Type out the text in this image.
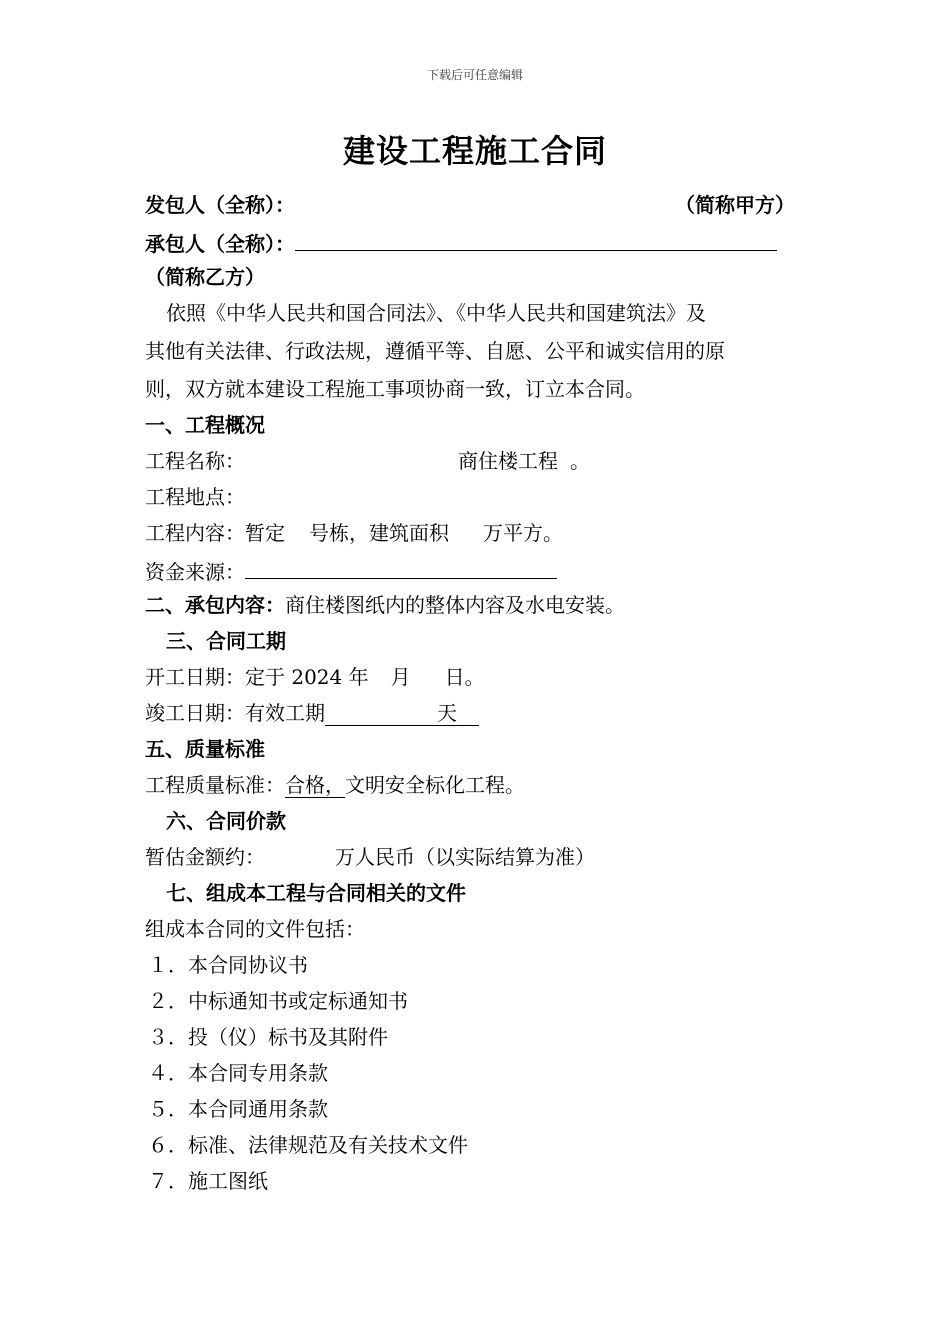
下载后可任意编辑
建设工程施工合同
发包人（全称）：	（简称甲方）
承包人（全称）：
（简称乙方）
依照《中华人民共和国合同法》、《中华人民共和国建筑法》及
其他有关法律、行政法规，遵循平等、自愿、公平和诚实信用的原
则，双方就本建设工程施工事项协商一致，订立本合同。
一、工程概况
工程名称：	商住楼工程 。
工程地点：
工程内容：暂定 号栋，建筑面积 万平方。
资金来源：
二、承包内容：商住楼图纸内的整体内容及水电安装。
三、合同工期
开工日期：定于 2024 年 月 日。
竣工日期：有效工期	天
五、质量标准
工程质量标准：合格，文明安全标化工程。
六、合同价款
暂估金额约：	万人民币（以实际结算为准）
七、组成本工程与合同相关的文件
组成本合同的文件包括：
１．本合同协议书
２．中标通知书或定标通知书
３．投（仪）标书及其附件
４．本合同专用条款
５．本合同通用条款
６．标准、法律规范及有关技术文件
７．施工图纸
